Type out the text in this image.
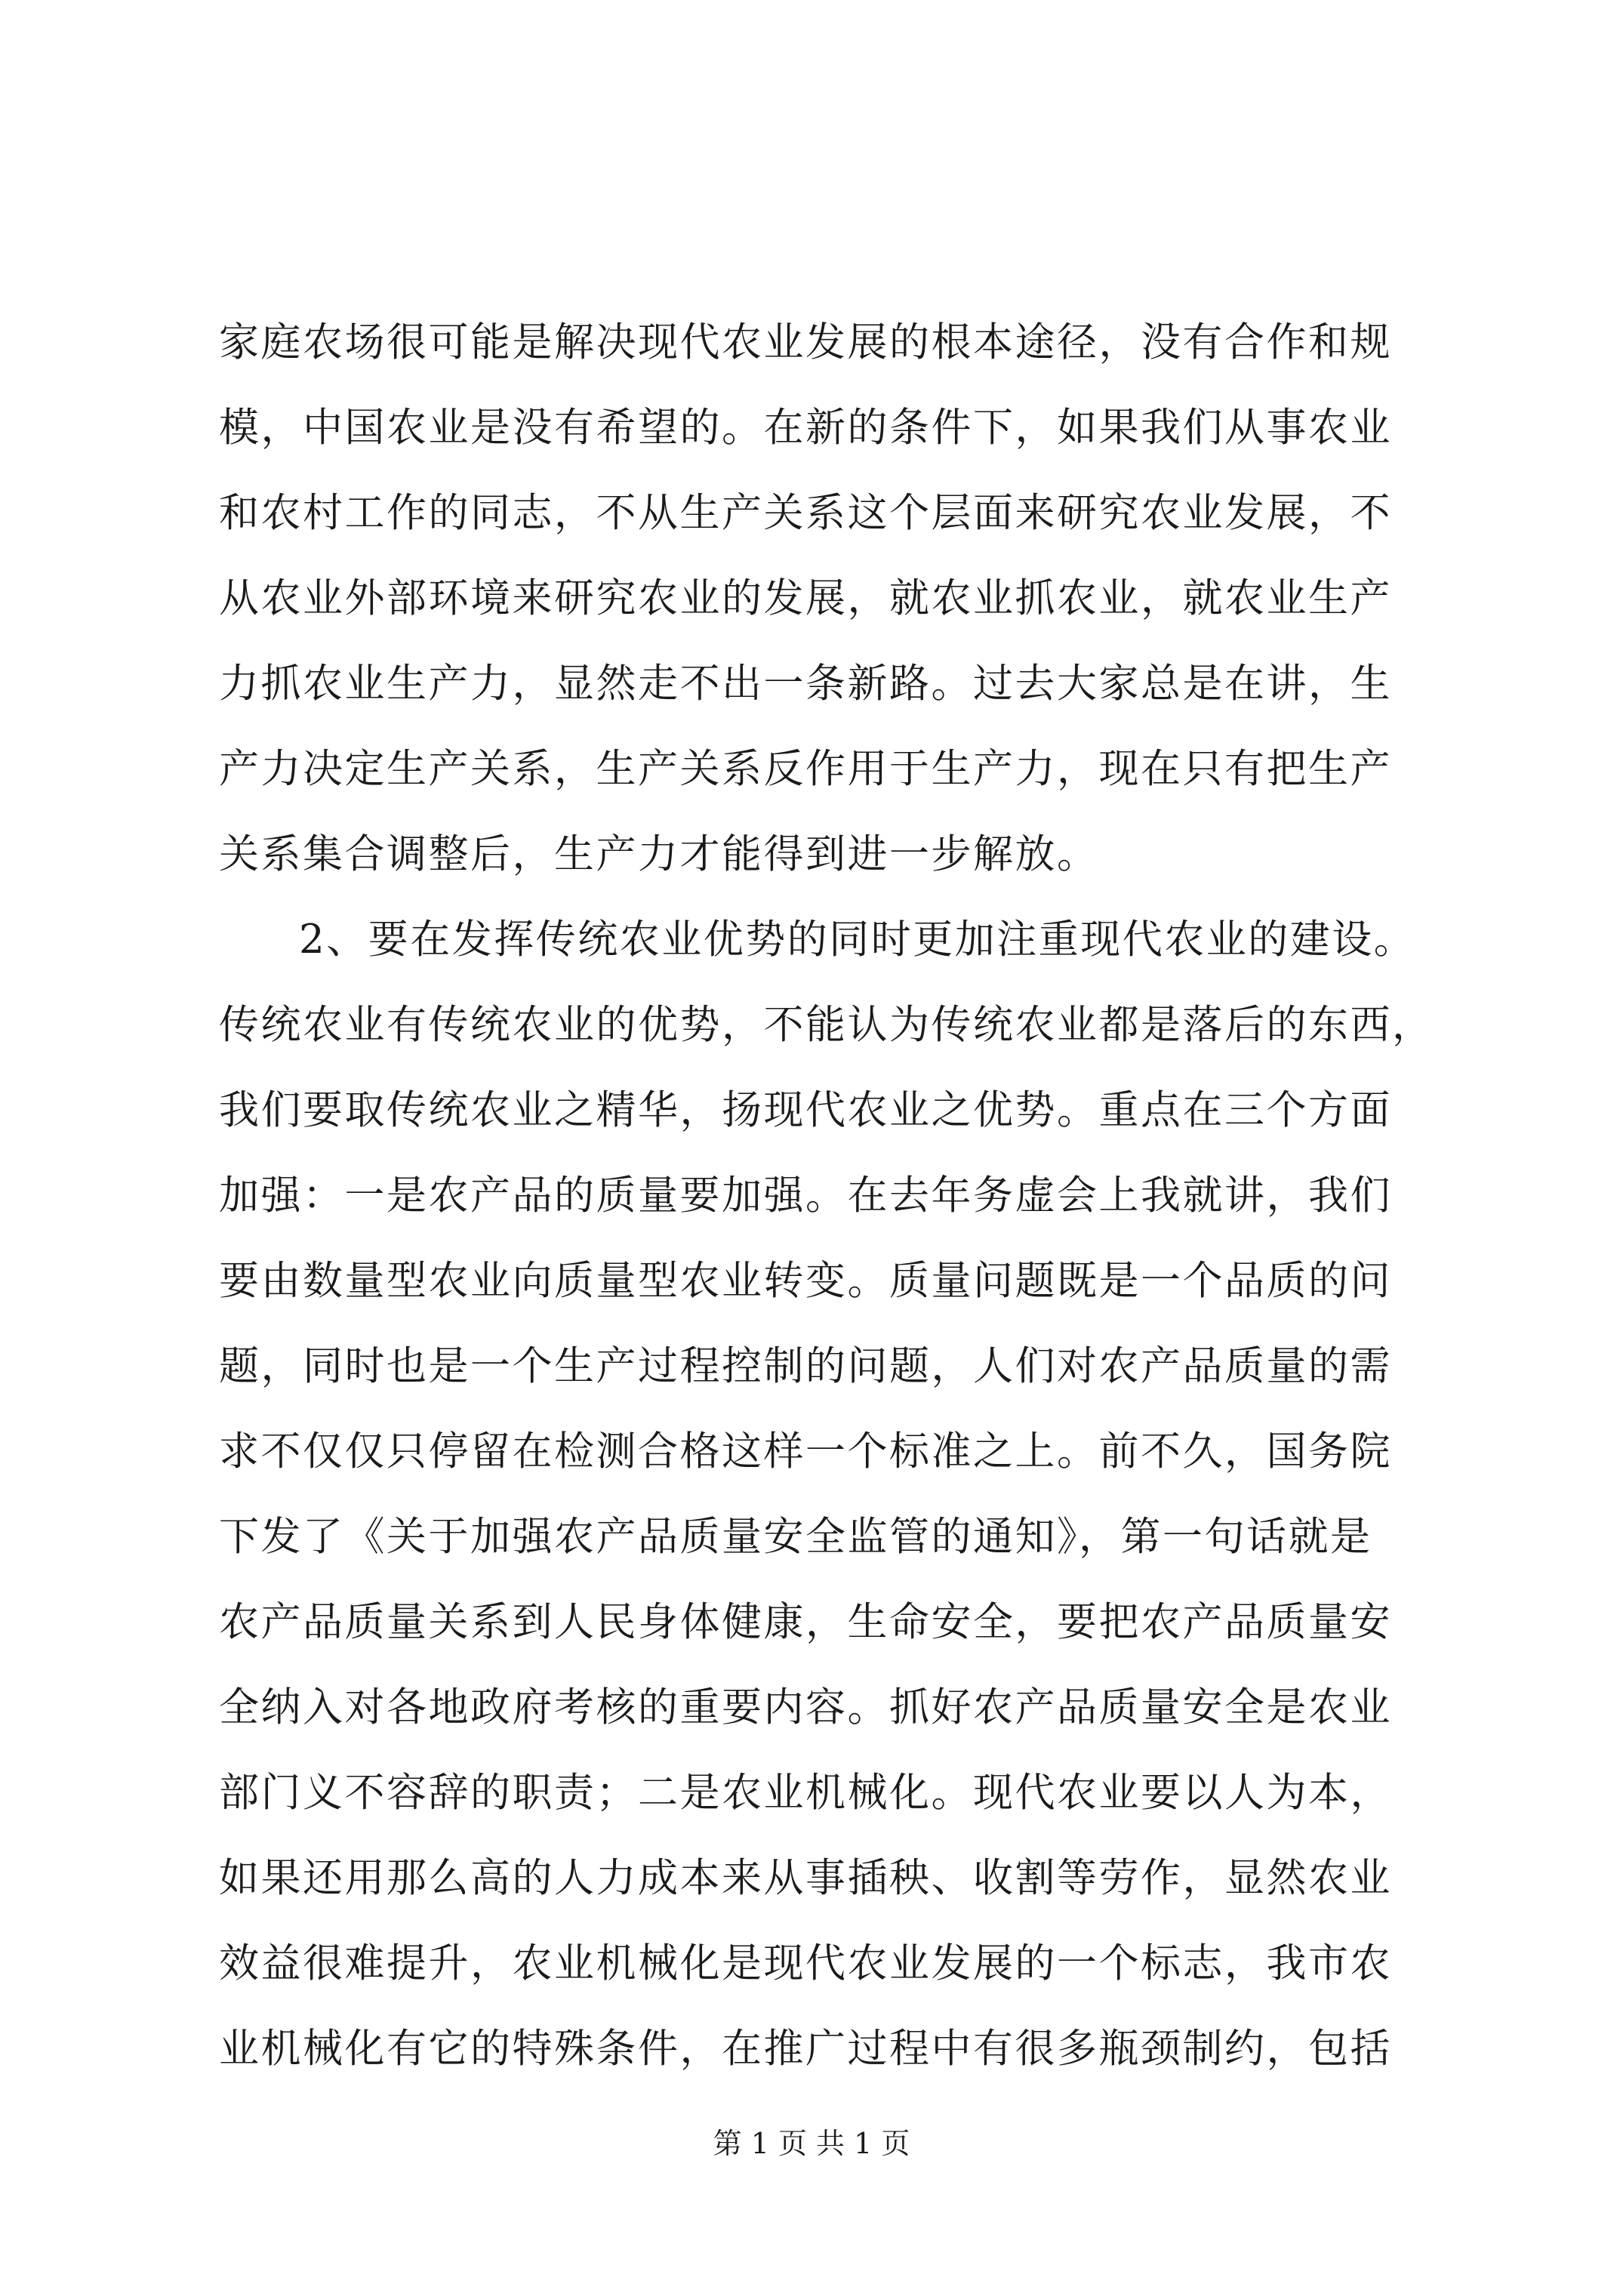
家庭农场很可能是解决现代农业发展的根本途径，没有合作和规
模，中国农业是没有希望的。在新的条件下，如果我们从事农业
和农村工作的同志，不从生产关系这个层面来研究农业发展，不
从农业外部环境来研究农业的发展，就农业抓农业，就农业生产
力抓农业生产力，显然走不出一条新路。过去大家总是在讲，生
产力决定生产关系，生产关系反作用于生产力，现在只有把生产
关系集合调整后，生产力才能得到进一步解放。
2、要在发挥传统农业优势的同时更加注重现代农业的建设。
传统农业有传统农业的优势，不能认为传统农业都是落后的东西，
我们要取传统农业之精华，扬现代农业之优势。重点在三个方面
加强：一是农产品的质量要加强。在去年务虚会上我就讲，我们
要由数量型农业向质量型农业转变。质量问题既是一个品质的问
题，同时也是一个生产过程控制的问题，人们对农产品质量的需
求不仅仅只停留在检测合格这样一个标准之上。前不久，国务院
下发了《关于加强农产品质量安全监管的通知》，第一句话就是
农产品质量关系到人民身体健康，生命安全，要把农产品质量安
全纳入对各地政府考核的重要内容。抓好农产品质量安全是农业
部门义不容辞的职责；二是农业机械化。现代农业要以人为本，
如果还用那么高的人力成本来从事插秧、收割等劳作，显然农业
效益很难提升，农业机械化是现代农业发展的一个标志，我市农
业机械化有它的特殊条件，在推广过程中有很多瓶颈制约，包括
第 1 页 共 1 页
